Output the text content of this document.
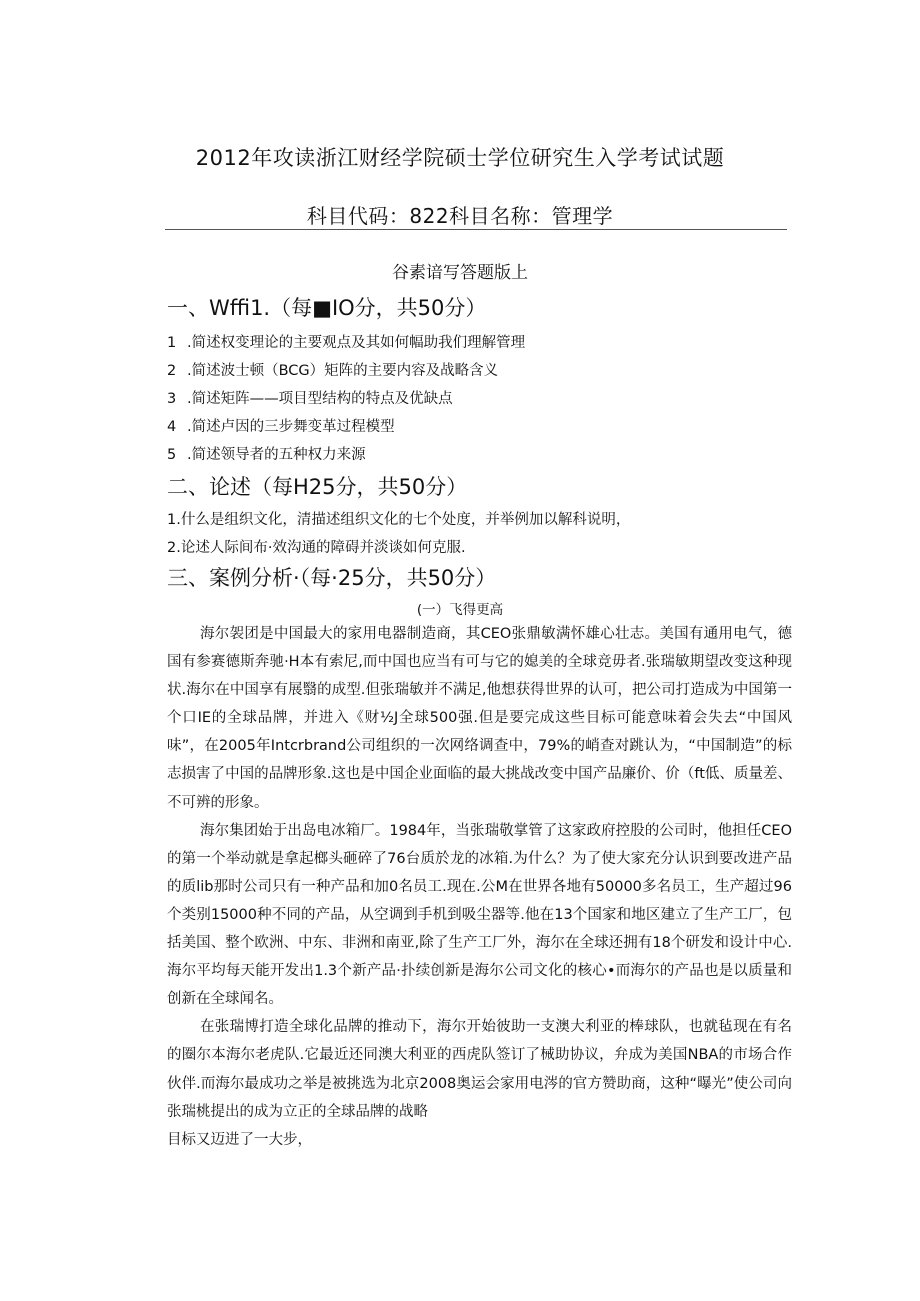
2012年攻读浙江财经学院硕士学位研究生入学考试试题
科目代码：822科目名称：管理学
谷素谙写答题版上
一、Wffi1.（每■IO分，共50分）
1 .简述权变理论的主要观点及其如何幅助我们理解管理
2 .简述波士顿（BCG）矩阵的主要内容及战略含义
3 .简述矩阵——项目型结构的特点及优缺点
4 .简述卢因的三步舞变革过程模型
5 .简述领导者的五种权力来源
二、论述（每H25分，共50分）
1.什么是组织文化，清描述组织文化的七个处度，并举例加以解科说明，
2.论述人际间布·效沟通的障碍并淡谈如何克服.
三、案例分析·（每·25分，共50分）
(一）飞得更高

海尔袈团是中国最大的家用电器制造商，其CEO张鼎敏满怀雄心壮志。美国有通用电气，德国有参赛德斯奔驰·H本有索尼,而中国也应当有可与它的媳美的全球竞毋者.张瑞敏期望改变这种现状.海尔在中国享有展翳的成型.但张瑞敏并不满足,他想获得世界的认可，把公司打造成为中国第一个口IE的全球品牌，并进入《财½J全球500强.但是要完成这些目标可能意味着会失去“中国风味”，在2005年Intcrbrand公司组织的一次网络调查中，79%的峭查对跳认为，“中国制造”的标志损害了中国的品牌形象.这也是中国企业面临的最大挑战改变中国产品廉价、价（ft低、质量差、不可辨的形象。

海尔集团始于出岛电冰箱厂。1984年，当张瑞敬掌管了这家政府控股的公司时，他担任CEO的第一个举动就是拿起榔头砸碎了76台质於龙的冰箱.为什么？为了使大家充分认识到要改进产品的质lib那时公司只有一种产品和加0名员工.现在.公M在世界各地有50000多名员工，生产超过96个类别15000种不同的产品，从空调到手机到吸尘器等.他在13个国家和地区建立了生产工厂，包括美国、整个欧洲、中东、非洲和南亚,除了生产工厂外，海尔在全球还拥有18个研发和设计中心.海尔平均每天能开发出1.3个新产品·扑续创新是海尔公司文化的核心•而海尔的产品也是以质量和创新在全球闻名。

在张瑞博打造全球化品牌的推动下，海尔开始彼助一支澳大利亚的棒球队，也就毡现在有名的圈尔本海尔老虎队.它最近还同澳大利亚的西虎队签订了械助协议，弁成为美国NBA的市场合作伙伴.而海尔最成功之举是被挑选为北京2008奥运会家用电涔的官方赞助商，这种“曝光”使公司向张瑞桃提出的成为立正的全球品牌的战略

目标又迈进了一大步，
